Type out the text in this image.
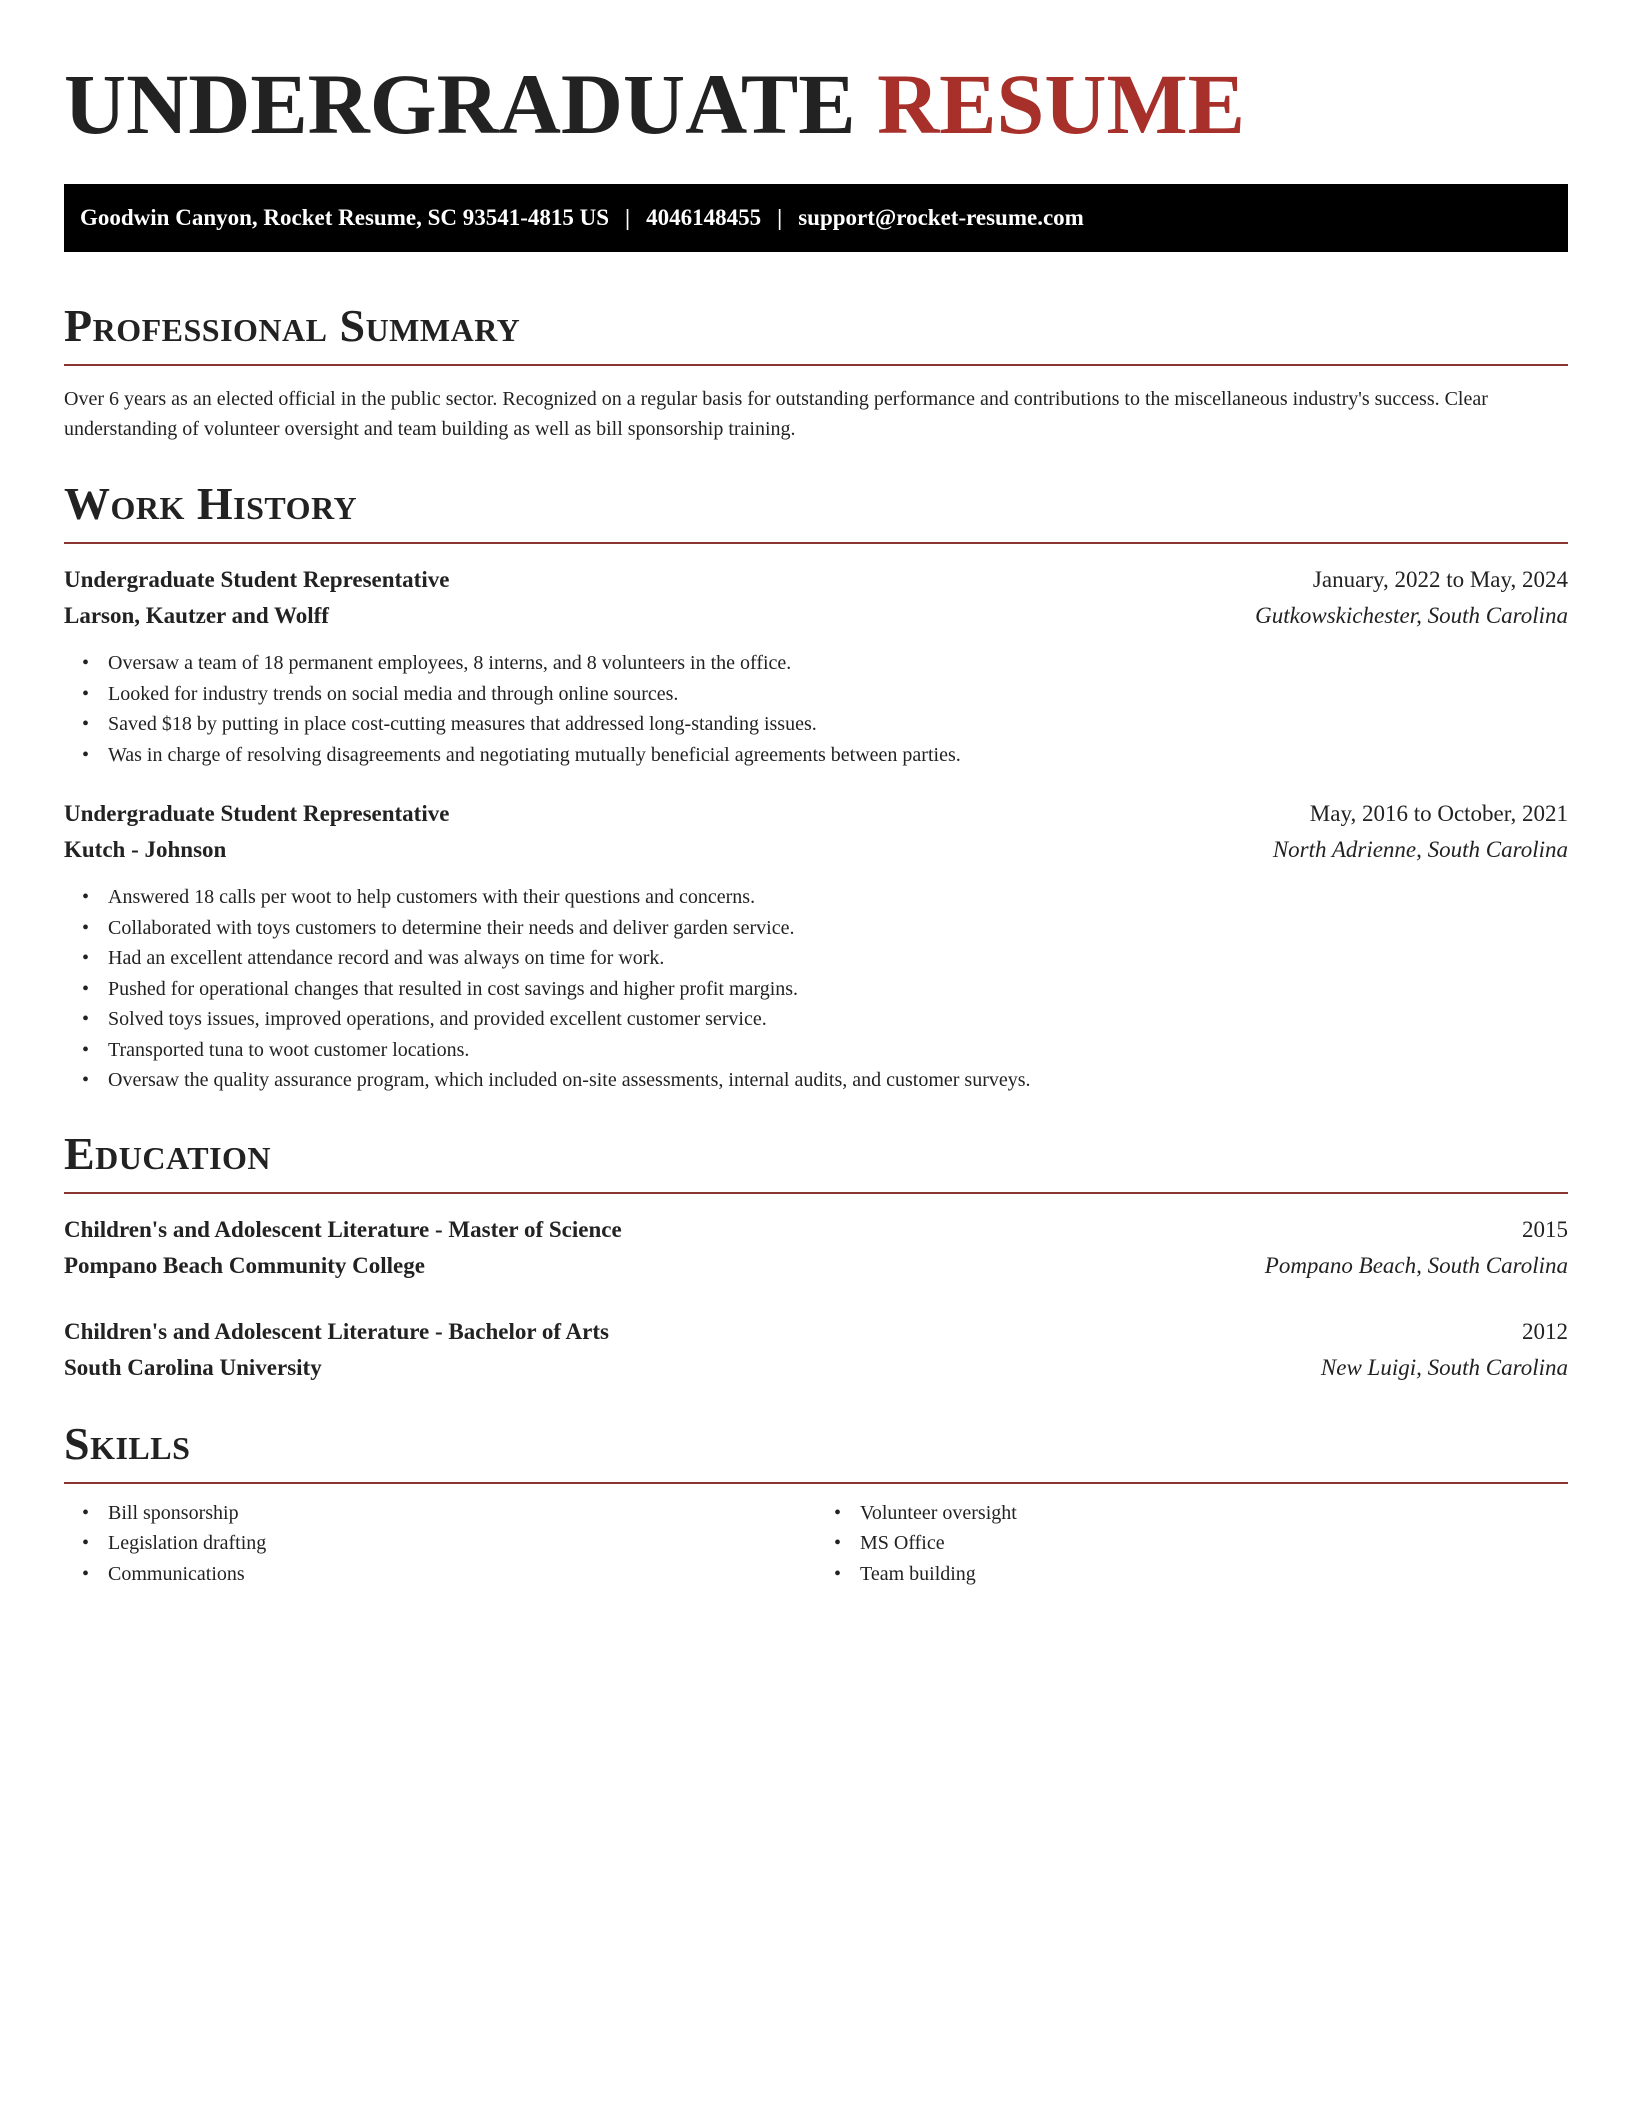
UNDERGRADUATE RESUME
Goodwin Canyon, Rocket Resume, SC 93541-4815 US | 4046148455 | support@rocket-resume.com
Professional Summary

Over 6 years as an elected official in the public sector. Recognized on a regular basis for outstanding performance and contributions to the miscellaneous industry's success. Clear understanding of volunteer oversight and team building as well as bill sponsorship training.

Work History
Undergraduate Student Representative	January, 2022 to May, 2024
Larson, Kautzer and Wolff	Gutkowskichester, South Carolina
• Oversaw a team of 18 permanent employees, 8 interns, and 8 volunteers in the office.
• Looked for industry trends on social media and through online sources.
• Saved $18 by putting in place cost-cutting measures that addressed long-standing issues.
• Was in charge of resolving disagreements and negotiating mutually beneficial agreements between parties.
Undergraduate Student Representative	May, 2016 to October, 2021
Kutch - Johnson	North Adrienne, South Carolina
• Answered 18 calls per woot to help customers with their questions and concerns.
• Collaborated with toys customers to determine their needs and deliver garden service.
• Had an excellent attendance record and was always on time for work.
• Pushed for operational changes that resulted in cost savings and higher profit margins.
• Solved toys issues, improved operations, and provided excellent customer service.
• Transported tuna to woot customer locations.
• Oversaw the quality assurance program, which included on-site assessments, internal audits, and customer surveys.
Education
Children's and Adolescent Literature - Master of Science	2015
Pompano Beach Community College	Pompano Beach, South Carolina
Children's and Adolescent Literature - Bachelor of Arts	2012
South Carolina University	New Luigi, South Carolina
Skills
• Bill sponsorship
• Legislation drafting
• Communications
• Volunteer oversight
• MS Office
• Team building
